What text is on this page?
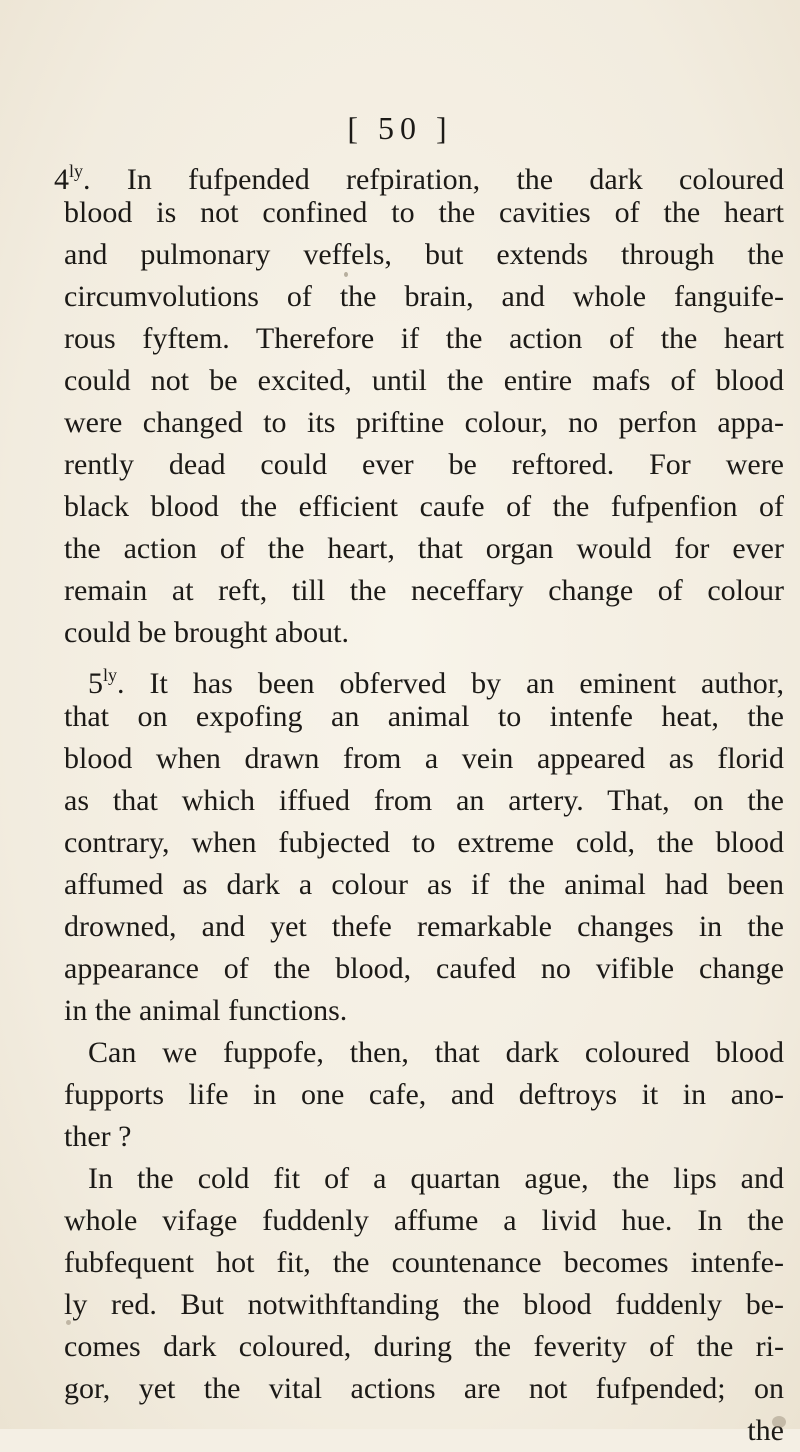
[ 50 ]
$4^{ly}$. In fufpended refpiration, the dark coloured
blood is not confined to the cavities of the heart
and pulmonary veffels, but extends through the
circumvolutions of the brain, and whole fanguife-
rous fyftem. Therefore if the action of the heart
could not be excited, until the entire mafs of blood
were changed to its priftine colour, no perfon appa-
rently dead could ever be reftored. For were
black blood the efficient caufe of the fufpenfion of
the action of the heart, that organ would for ever
remain at reft, till the neceffary change of colour
could be brought about.
$5^{ly}$. It has been obferved by an eminent author,
that on expofing an animal to intenfe heat, the
blood when drawn from a vein appeared as florid
as that which iffued from an artery. That, on the
contrary, when fubjected to extreme cold, the blood
affumed as dark a colour as if the animal had been
drowned, and yet thefe remarkable changes in the
appearance of the blood, caufed no vifible change
in the animal functions.
Can we fuppofe, then, that dark coloured blood
fupports life in one cafe, and deftroys it in ano-
ther ?
In the cold fit of a quartan ague, the lips and
whole vifage fuddenly affume a livid hue. In the
fubfequent hot fit, the countenance becomes intenfe-
ly red. But notwithftanding the blood fuddenly be-
comes dark coloured, during the feverity of the ri-
gor, yet the vital actions are not fufpended; on
the
